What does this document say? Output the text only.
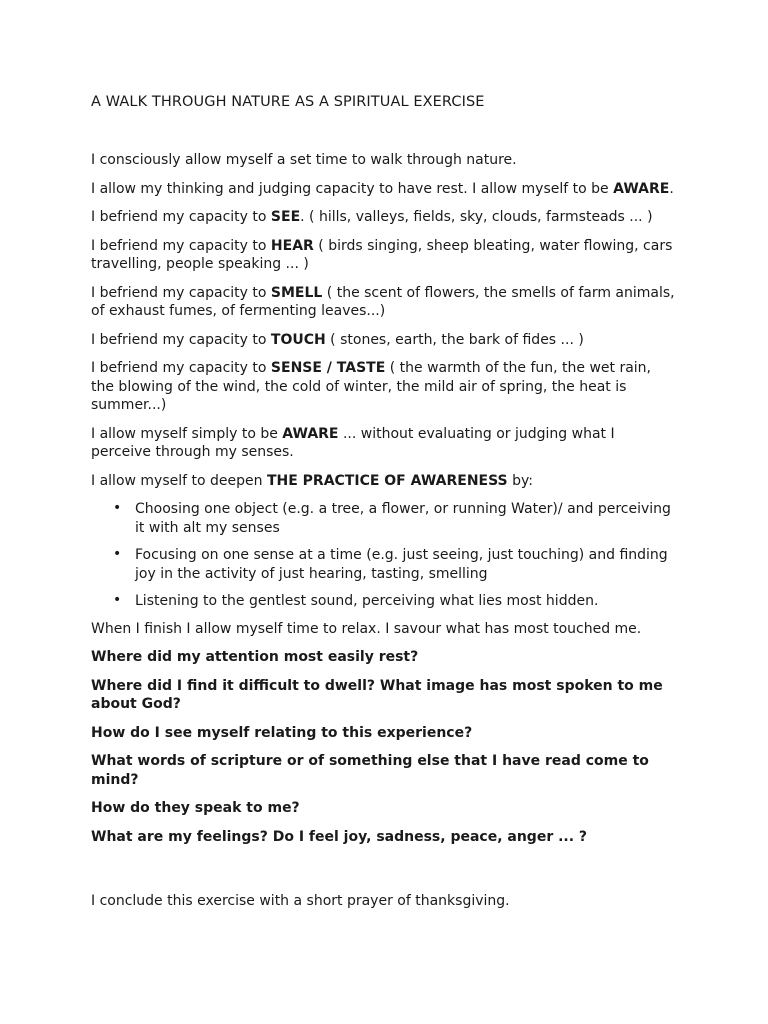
A WALK THROUGH NATURE AS A SPIRITUAL EXERCISE

I consciously allow myself a set time to walk through nature.

I allow my thinking and judging capacity to have rest. I allow myself to be AWARE.

I befriend my capacity to SEE. ( hills, valleys, fields, sky, clouds, farmsteads ... )

I befriend my capacity to HEAR ( birds singing, sheep bleating, water flowing, cars travelling, people speaking ... )

I befriend my capacity to SMELL ( the scent of flowers, the smells of farm animals, of exhaust fumes, of fermenting leaves...)

I befriend my capacity to TOUCH ( stones, earth, the bark of fides ... )

I befriend my capacity to SENSE / TASTE ( the warmth of the fun, the wet rain, the blowing of the wind, the cold of winter, the mild air of spring, the heat is summer...)

I allow myself simply to be AWARE ... without evaluating or judging what I perceive through my senses.

I allow myself to deepen THE PRACTICE OF AWARENESS by:

• Choosing one object (e.g. a tree, a flower, or running Water)/ and perceiving it with alt my senses
• Focusing on one sense at a time (e.g. just seeing, just touching) and finding joy in the activity of just hearing, tasting, smelling
• Listening to the gentlest sound, perceiving what lies most hidden.

When I finish I allow myself time to relax. I savour what has most touched me.

Where did my attention most easily rest?

Where did I find it difficult to dwell? What image has most spoken to me about God?

How do I see myself relating to this experience?

What words of scripture or of something else that I have read come to mind?

How do they speak to me?

What are my feelings? Do I feel joy, sadness, peace, anger ... ?

I conclude this exercise with a short prayer of thanksgiving.
